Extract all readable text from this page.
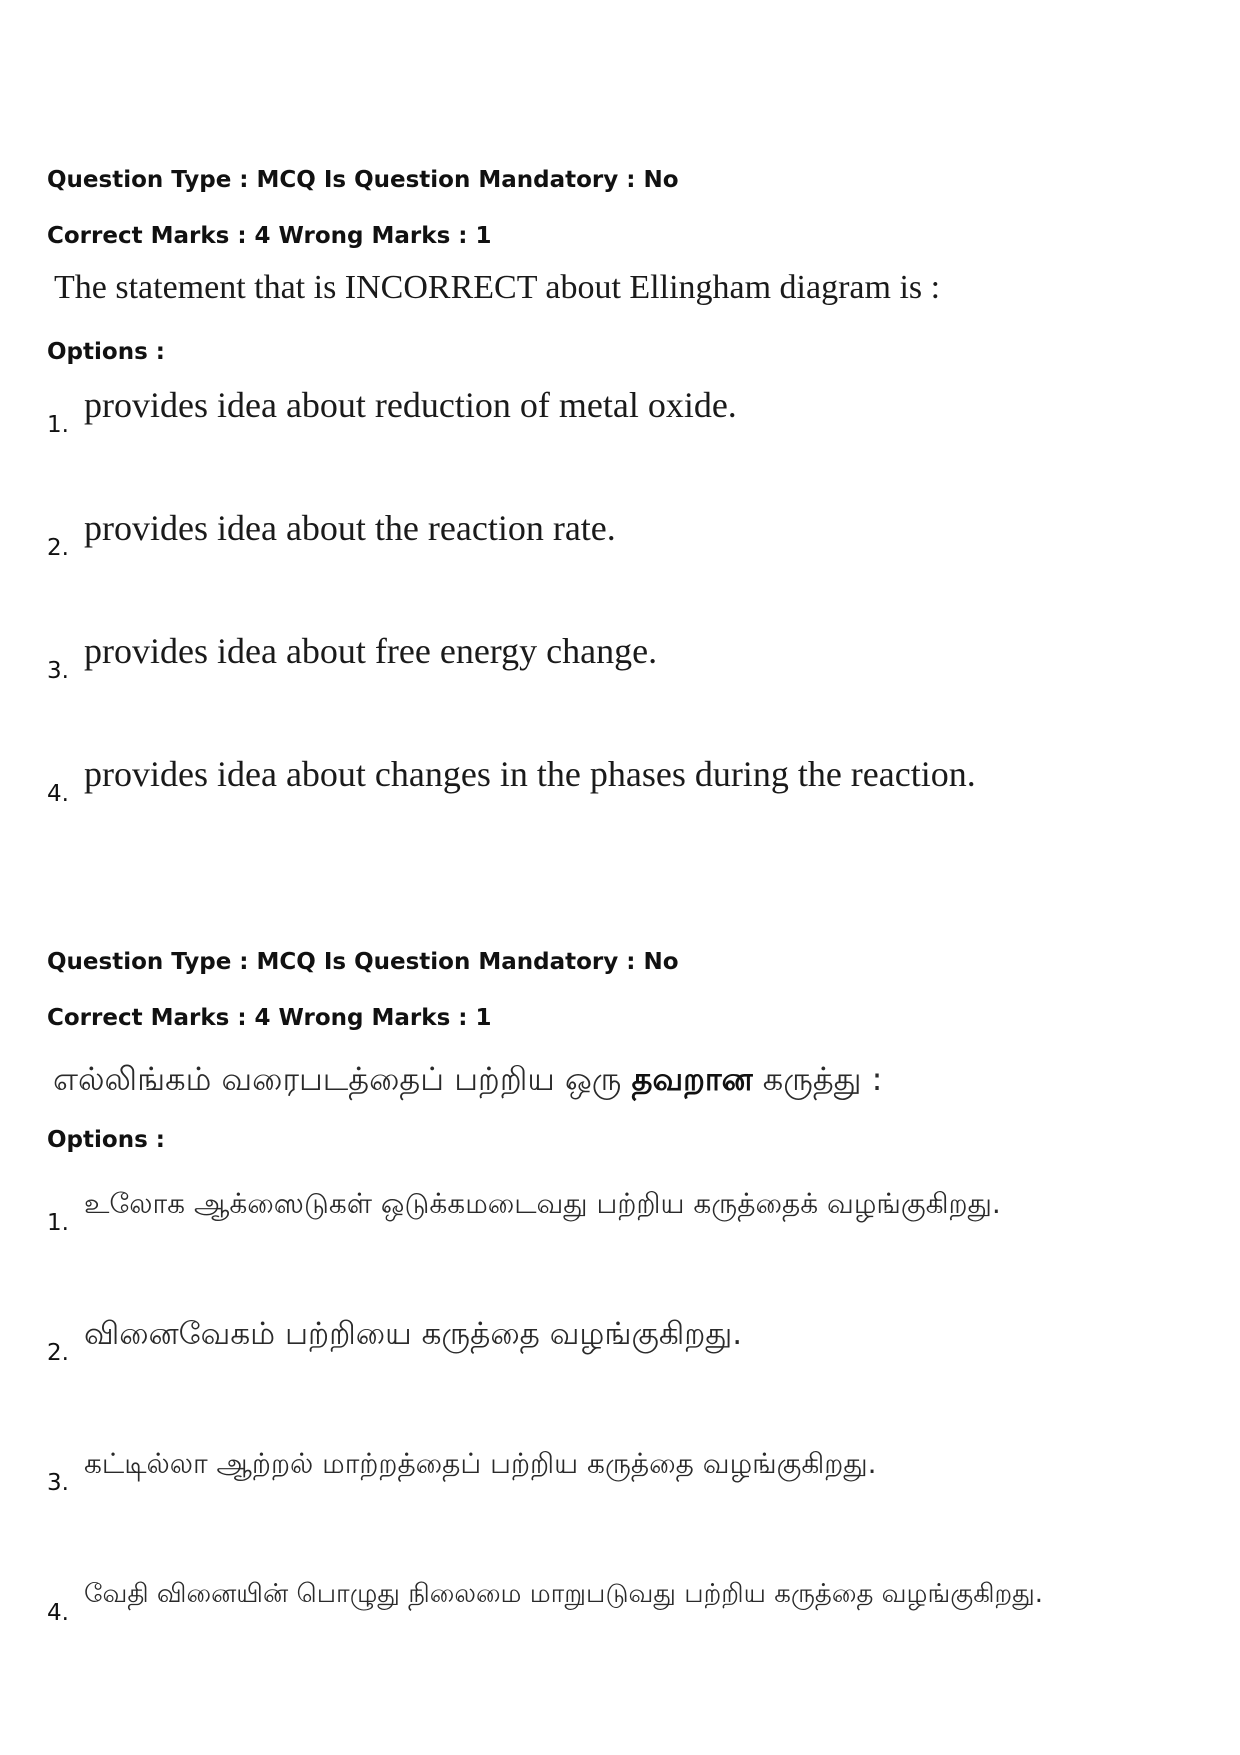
Question Type : MCQ Is Question Mandatory : No
Correct Marks : 4 Wrong Marks : 1
The statement that is INCORRECT about Ellingham diagram is :
Options :
1. provides idea about reduction of metal oxide.
2. provides idea about the reaction rate.
3. provides idea about free energy change.
4. provides idea about changes in the phases during the reaction.
Question Type : MCQ Is Question Mandatory : No
Correct Marks : 4 Wrong Marks : 1
எல்லிங்கம் வரைபடத்தைப் பற்றிய ஒரு தவறான கருத்து :
Options :
1.
உலோக ஆக்ஸைடுகள் ஒடுக்கமடைவது பற்றிய கருத்தைக் வழங்குகிறது.
2.
வினைவேகம் பற்றியை கருத்தை வழங்குகிறது.
3.
கட்டில்லா ஆற்றல் மாற்றத்தைப் பற்றிய கருத்தை வழங்குகிறது.
4.
வேதி வினையின் பொழுது நிலைமை மாறுபடுவது பற்றிய கருத்தை வழங்குகிறது.
